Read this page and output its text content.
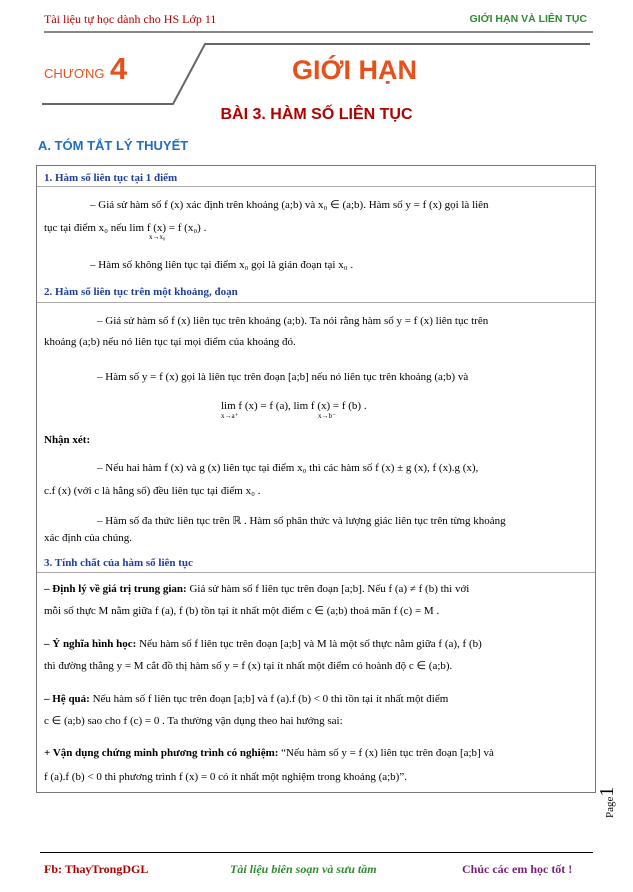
Tài liệu tự học dành cho HS Lớp 11	GIỚI HẠN VÀ LIÊN TỤC
CHƯƠNG 4	GIỚI HẠN
BÀI 3. HÀM SỐ LIÊN TỤC
A. TÓM TẮT LÝ THUYẾT
1. Hàm số liên tục tại 1 điểm
– Giả sử hàm số f (x) xác định trên khoảng (a;b) và x₀ ∈ (a;b). Hàm số y = f (x) gọi là liên
tục tại điểm x₀ nếu lim f (x) = f (x₀) .
x→x₀
– Hàm số không liên tục tại điểm x₀ gọi là gián đoạn tại x₀ .
2. Hàm số liên tục trên một khoảng, đoạn
– Giả sử hàm số f (x) liên tục trên khoảng (a;b). Ta nói rằng hàm số y = f (x) liên tục trên
khoảng (a;b) nếu nó liên tục tại mọi điểm của khoảng đó.
– Hàm số y = f (x) gọi là liên tục trên đoạn [a;b] nếu nó liên tục trên khoảng (a;b) và
lim f (x) = f (a), lim f (x) = f (b) .
x→a⁺	x→b⁻
Nhận xét:
– Nếu hai hàm f (x) và g (x) liên tục tại điểm x₀ thì các hàm số f (x) ± g (x), f (x).g (x),
c.f (x) (với c là hằng số) đều liên tục tại điểm x₀ .
– Hàm số đa thức liên tục trên ℝ . Hàm số phân thức và lượng giác liên tục trên từng khoảng
xác định của chúng.
3. Tính chất của hàm số liên tục
– Định lý về giá trị trung gian: Giả sử hàm số f liên tục trên đoạn [a;b]. Nếu f (a) ≠ f (b) thì với
mỗi số thực M nằm giữa f (a), f (b) tồn tại ít nhất một điểm c ∈ (a;b) thoả mãn f (c) = M .
– Ý nghĩa hình học: Nếu hàm số f liên tục trên đoạn [a;b] và M là một số thực nằm giữa f (a), f (b)
thì đường thẳng y = M cắt đồ thị hàm số y = f (x) tại ít nhất một điểm có hoành độ c ∈ (a;b).
– Hệ quả: Nếu hàm số f liên tục trên đoạn [a;b] và f (a).f (b) < 0 thì tồn tại ít nhất một điểm
c ∈ (a;b) sao cho f (c) = 0 . Ta thường vận dụng theo hai hướng sai:
+ Vận dụng chứng minh phương trình có nghiệm: “Nếu hàm số y = f (x) liên tục trên đoạn [a;b] và
f (a).f (b) < 0 thì phương trình f (x) = 0 có ít nhất một nghiệm trong khoảng (a;b)”.
Page1
Fb: ThayTrongDGL	Tài liệu biên soạn và sưu tầm	Chúc các em học tốt !
